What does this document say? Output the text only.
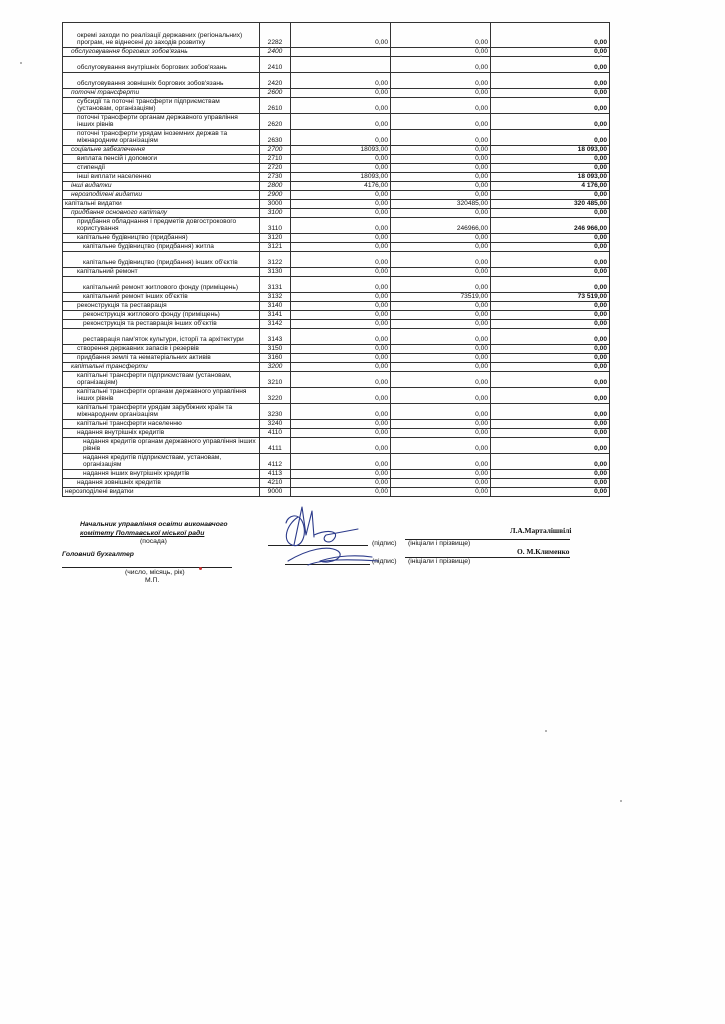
окремі заходи по реалізації державних (регіональних) програм, не віднесені до заходів розвитку	2282	0,00	0,00	0,00
обслуговування боргових зобов'язань	2400		0,00	0,00
обслуговування внутрішніх боргових зобов'язань	2410		0,00	0,00
обслуговування зовнішніх боргових зобов'язань	2420	0,00	0,00	0,00
поточні трансферти	2600	0,00	0,00	0,00
субсидії та поточні трансферти підприємствам (установам, організаціям)	2610	0,00	0,00	0,00
поточні трансферти органам державного управління інших рівнів	2620	0,00	0,00	0,00
поточні трансферти урядам іноземних держав та міжнародним організаціям	2630	0,00	0,00	0,00
соціальне забезпечення	2700	18093,00	0,00	18 093,00
виплата пенсій і допомоги	2710	0,00	0,00	0,00
стипендії	2720	0,00	0,00	0,00
інші виплати населенню	2730	18093,00	0,00	18 093,00
інші видатки	2800	4176,00	0,00	4 176,00
нерозподілені видатки	2900	0,00	0,00	0,00
капітальні видатки	3000	0,00	320485,00	320 485,00
придбання основного капіталу	3100	0,00	0,00	0,00
придбання обладнання і предметів довгострокового користування	3110	0,00	246966,00	246 966,00
капітальне будівництво (придбання)	3120	0,00	0,00	0,00
капітальне будівництво (придбання) житла	3121	0,00	0,00	0,00
капітальне будівництво (придбання) інших об'єктів	3122	0,00	0,00	0,00
капітальний ремонт	3130	0,00	0,00	0,00
капітальний ремонт житлового фонду (приміщень)	3131	0,00	0,00	0,00
капітальний ремонт інших об'єктів	3132	0,00	73519,00	73 519,00
реконструкція та реставрація	3140	0,00	0,00	0,00
реконструкція житлового фонду (приміщень)	3141	0,00	0,00	0,00
реконструкція та реставрація інших об'єктів	3142	0,00	0,00	0,00
реставрація пам'яток культури, історії та архітектури	3143	0,00	0,00	0,00
створення державних запасів і резервів	3150	0,00	0,00	0,00
придбання землі та нематеріальних активів	3160	0,00	0,00	0,00
капітальні трансферти	3200	0,00	0,00	0,00
капітальні трансферти підприємствам (установам, організаціям)	3210	0,00	0,00	0,00
капітальні трансферти органам державного управління інших рівнів	3220	0,00	0,00	0,00
капітальні трансферти урядам зарубіжних країн та міжнародним організаціям	3230	0,00	0,00	0,00
капітальні трансферти населенню	3240	0,00	0,00	0,00
надання внутрішніх кредитів	4110	0,00	0,00	0,00
надання кредитів органам державного управління інших рівнів	4111	0,00	0,00	0,00
надання кредитів підприємствам, установам, організаціям	4112	0,00	0,00	0,00
надання інших внутрішніх кредитів	4113	0,00	0,00	0,00
надання зовнішніх кредитів	4210	0,00	0,00	0,00
нерозподілені видатки	9000	0,00	0,00	0,00
Начальник управління освіти виконавчого
комітету Полтавської міської ради
(посада)	(підпис) (ініціали і прізвище)
Л.А.Марталішвілі
Головний бухгалтер
(число, місяць, рік)
М.П.
(підпис) (ініціали і прізвище)
О. М.Клименко
